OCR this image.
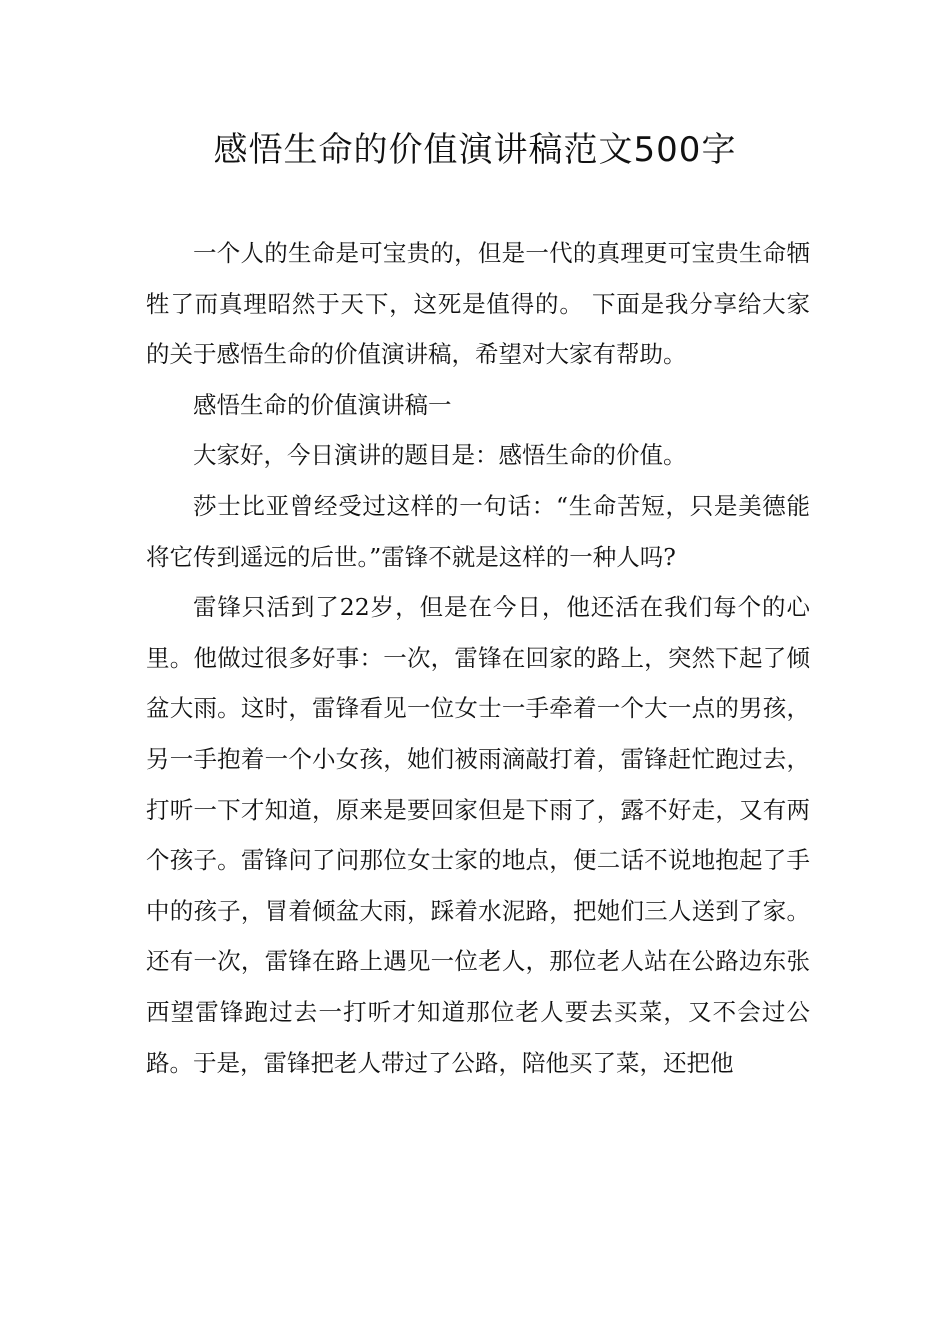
感悟生命的价值演讲稿范文500字

一个人的生命是可宝贵的，但是一代的真理更可宝贵生命牺牲了而真理昭然于天下，这死是值得的。 下面是我分享给大家的关于感悟生命的价值演讲稿，希望对大家有帮助。

感悟生命的价值演讲稿一

大家好，今日演讲的题目是：感悟生命的价值。

莎士比亚曾经受过这样的一句话：“生命苦短，只是美德能将它传到遥远的后世。”雷锋不就是这样的一种人吗?

雷锋只活到了22岁，但是在今日，他还活在我们每个的心里。他做过很多好事：一次，雷锋在回家的路上，突然下起了倾盆大雨。这时，雷锋看见一位女士一手牵着一个大一点的男孩，另一手抱着一个小女孩，她们被雨滴敲打着，雷锋赶忙跑过去，打听一下才知道，原来是要回家但是下雨了，露不好走，又有两个孩子。雷锋问了问那位女士家的地点，便二话不说地抱起了手中的孩子，冒着倾盆大雨，踩着水泥路，把她们三人送到了家。还有一次，雷锋在路上遇见一位老人，那位老人站在公路边东张西望雷锋跑过去一打听才知道那位老人要去买菜，又不会过公路。于是，雷锋把老人带过了公路，陪他买了菜，还把他
